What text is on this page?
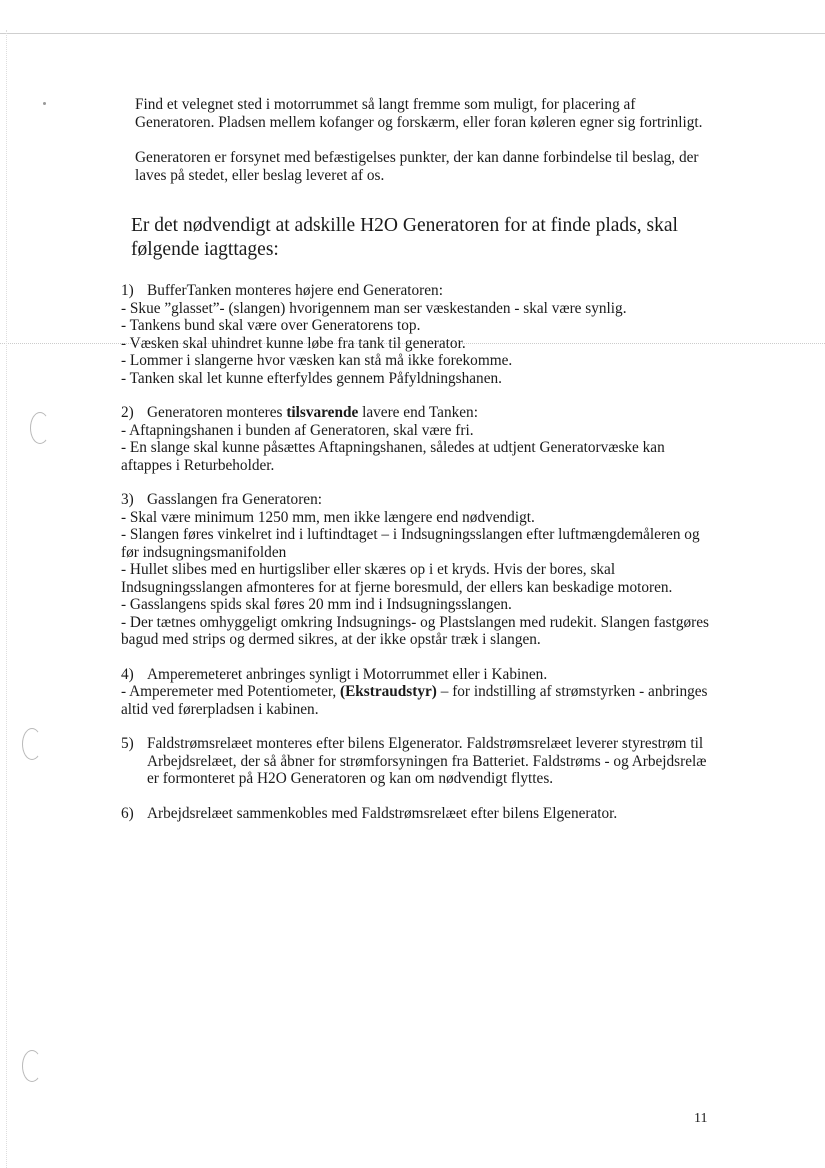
Find et velegnet sted i motorrummet så langt fremme som muligt, for placering af Generatoren. Pladsen mellem kofanger og forskærm, eller foran køleren egner sig fortrinligt.

Generatoren er forsynet med befæstigelses punkter, der kan danne forbindelse til beslag, der laves på stedet, eller beslag leveret af os.

Er det nødvendigt at adskille H2O Generatoren for at finde plads, skal følgende iagttages:
1) BufferTanken monteres højere end Generatoren:
- Skue ”glasset”- (slangen) hvorigennem man ser væskestanden - skal være synlig.
- Tankens bund skal være over Generatorens top.
- Væsken skal uhindret kunne løbe fra tank til generator.
- Lommer i slangerne hvor væsken kan stå må ikke forekomme.
- Tanken skal let kunne efterfyldes gennem Påfyldningshanen.
2) Generatoren monteres tilsvarende lavere end Tanken:
- Aftapningshanen i bunden af Generatoren, skal være fri.
- En slange skal kunne påsættes Aftapningshanen, således at udtjent Generatorvæske kan aftappes i Returbeholder.
3) Gasslangen fra Generatoren:
- Skal være minimum 1250 mm, men ikke længere end nødvendigt.
- Slangen føres vinkelret ind i luftindtaget – i Indsugningsslangen efter luftmængdemåleren og før indsugningsmanifolden
- Hullet slibes med en hurtigsliber eller skæres op i et kryds. Hvis der bores, skal Indsugningsslangen afmonteres for at fjerne boresmuld, der ellers kan beskadige motoren.
- Gasslangens spids skal føres 20 mm ind i Indsugningsslangen.
- Der tætnes omhyggeligt omkring Indsugnings- og Plastslangen med rudekit. Slangen fastgøres bagud med strips og dermed sikres, at der ikke opstår træk i slangen.
4) Amperemeteret anbringes synligt i Motorrummet eller i Kabinen.
- Amperemeter med Potentiometer, (Ekstraudstyr) – for indstilling af strømstyrken - anbringes altid ved førerpladsen i kabinen.
5) Faldstrømsrelæet monteres efter bilens Elgenerator. Faldstrømsrelæet leverer styrestrøm til Arbejdsrelæet, der så åbner for strømforsyningen fra Batteriet. Faldstrøms - og Arbejdsrelæ er formonteret på H2O Generatoren og kan om nødvendigt flyttes.
6) Arbejdsrelæet sammenkobles med Faldstrømsrelæet efter bilens Elgenerator.
11
